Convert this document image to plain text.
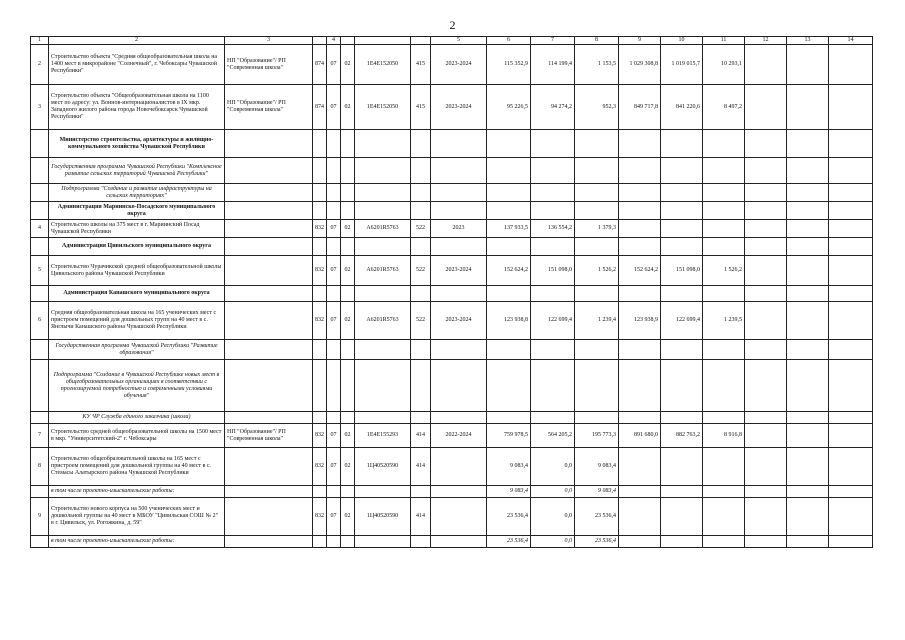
2
1	2	3		4				5	6	7	8	9	10	11	12	13	14
2	Строительство объекта "Средняя общеобразовательная школа на 1400 мест в микрорайоне "Солнечный", г. Чебоксары Чувашской Республики"	НП "Образование"/ РП "Современная школа"	874	07	02	1Е4Е152050	415	2023-2024	115 352,9	114 199,4	1 153,5	1 029 308,8	1 019 015,7	10 293,1			
3	Строительство объекта "Общеобразовательная школа на 1100 мест по адресу: ул. Воинов-интернационалистов в IX мкр. Западного жилого района города Новочебоксарск Чувашской Республики"	НП "Образование"/ РП "Современная школа"	874	07	02	1Е4Е152050	415	2023-2024	95 226,5	94 274,2	952,3	849 717,8	841 220,6	8 497,2			
	Министерство строительства, архитектуры и жилищно-коммунального хозяйства Чувашской Республики																
	Государственная программа Чувашской Республики "Комплексное развитие сельских территорий Чувашской Республики"																
	Подпрограмма "Создание и развитие инфраструктуры на сельских территориях"																
	Администрация Мариинско-Посадского муниципального округа																
4	Строительство школы на 375 мест в г. Мариинский Посад Чувашской Республики		832	07	02	А6201R5763	522	2023	137 933,5	136 554,2	1 379,3						
	Администрация Цивильского муниципального округа																
5	Строительство Чурачикской средней общеобразовательной школы Цивильского района Чувашской Республики		832	07	02	А6201R5763	522	2023-2024	152 624,2	151 098,0	1 526,2	152 624,2	151 098,0	1 526,2			
	Администрация Канашского муниципального округа																
6	Средняя общеобразовательная школа на 165 ученических мест с пристроем помещений для дошкольных групп на 40 мест в с. Янглычи Канашского района Чувашской Республики		832	07	02	А6201R5763	522	2023-2024	123 938,8	122 699,4	1 239,4	123 938,9	122 699,4	1 239,5			
	Государственная программа Чувашской Республики "Развитие образования"																
	Подпрограмма "Создание в Чувашской Республике новых мест в общеобразовательных организациях в соответствии с прогнозируемой потребностью и современными условиями обучения"																
	КУ ЧР Служба единого заказчика (школа)																
7	Строительство средней общеобразовательной школы на 1500 мест в мкр. "Университетский-2" г. Чебоксары	НП "Образование"/ РП "Современная школа"	832	07	02	1Е4Е155293	414	2022-2024	759 978,5	564 205,2	195 773,3	891 680,0	882 763,2	8 916,8			
8	Строительство общеобразовательной школы на 165 мест с пристроем помещений для дошкольной группы на 40 мест в с. Стемасы Алатырского района Чувашской Республики		832	07	02	1Ц40520590	414		9 083,4	0,0	9 083,4						
	в том числе проектно-изыскательские работы:								9 083,4	0,0	9 083,4						
9	Строительство нового корпуса на 500 ученических мест и дошкольной группы на 40 мест в МБОУ "Цивильская СОШ № 2" в г. Цивильск, ул. Рогожкина, д. 59"		832	07	02	1Ц40520590	414		23 536,4	0,0	23 536,4						
	в том числе проектно-изыскательские работы:								23 536,4	0,0	23 536,4						
